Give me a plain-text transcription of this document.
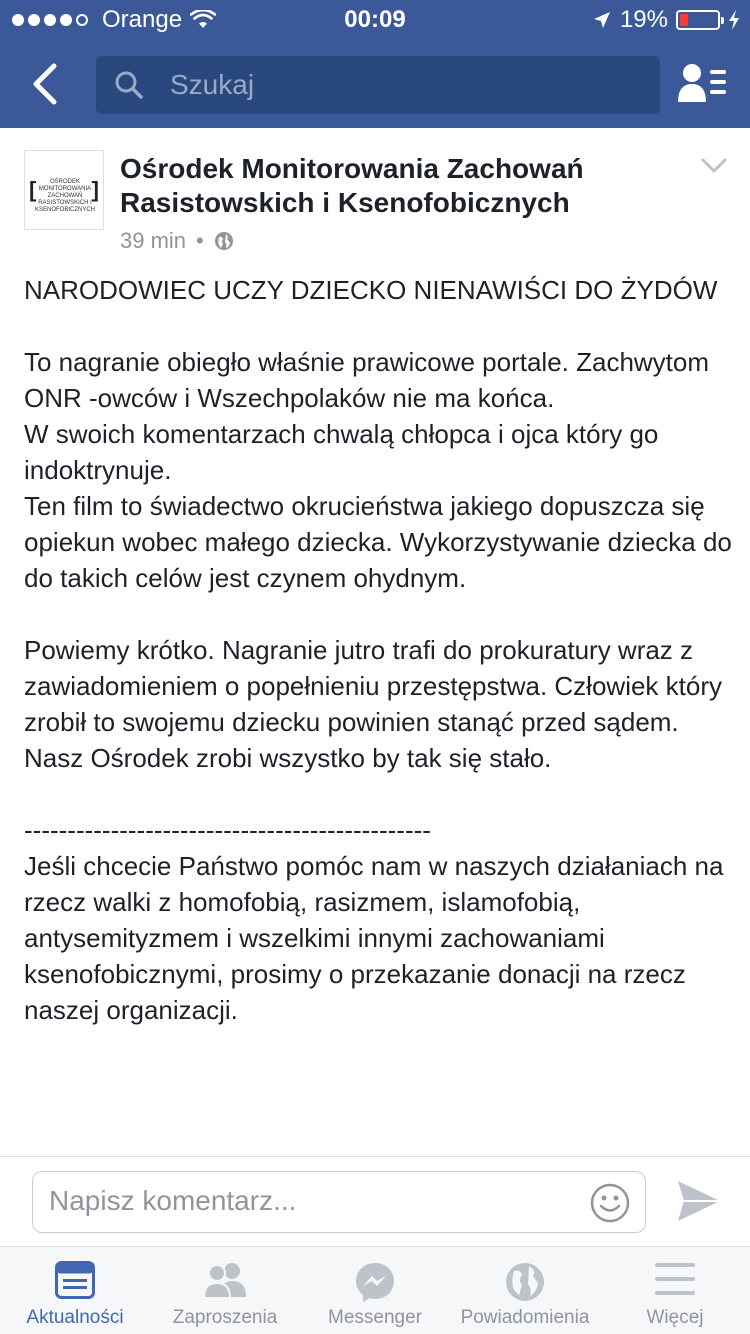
Orange	00:09	19%
Szukaj
[	OŚRODEK MONITOROWANIA ZACHOWAŃ RASISTOWSKICH I KSENOFOBICZNYCH
]
Ośrodek Monitorowania Zachowań Rasistowskich i Ksenofobicznych
39 min •

NARODOWIEC UCZY DZIECKO NIENAWIŚCI DO ŻYDÓW

To nagranie obiegło właśnie prawicowe portale. Zachwytom ONR -owców i Wszechpolaków nie ma końca.
W swoich komentarzach chwalą chłopca i ojca który go indoktrynuje.
Ten film to świadectwo okrucieństwa jakiego dopuszcza się opiekun wobec małego dziecka. Wykorzystywanie dziecka do do takich celów jest czynem ohydnym.

Powiemy krótko. Nagranie jutro trafi do prokuratury wraz z zawiadomieniem o popełnieniu przestępstwa. Człowiek który zrobił to swojemu dziecku powinien stanąć przed sądem. Nasz Ośrodek zrobi wszystko by tak się stało.

-----------------------------------------------

Jeśli chcecie Państwo pomóc nam w naszych działaniach na rzecz walki z homofobią, rasizmem, islamofobią, antysemityzmem i wszelkimi innymi zachowaniami ksenofobicznymi, prosimy o przekazanie donacji na rzecz naszej organizacji.

Napisz komentarz...
Aktualności	Zaproszenia	Messenger	Powiadomienia	Więcej
